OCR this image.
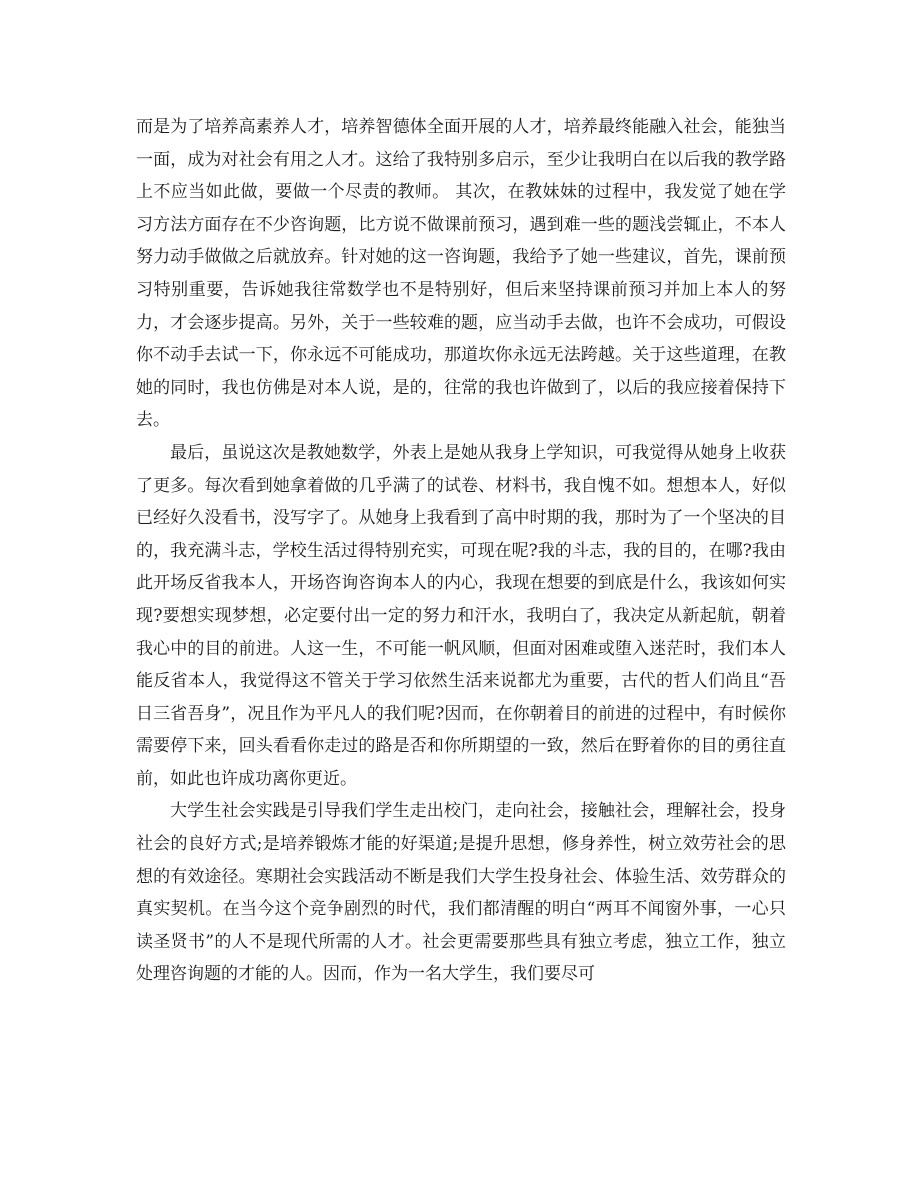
而是为了培养高素养人才，培养智德体全面开展的人才，培养最终能融入社会，能独当一面，成为对社会有用之人才。这给了我特别多启示，至少让我明白在以后我的教学路上不应当如此做，要做一个尽责的教师。 其次，在教妹妹的过程中，我发觉了她在学习方法方面存在不少咨询题，比方说不做课前预习，遇到难一些的题浅尝辄止，不本人努力动手做做之后就放弃。针对她的这一咨询题，我给予了她一些建议，首先，课前预习特别重要，告诉她我往常数学也不是特别好，但后来坚持课前预习并加上本人的努力，才会逐步提高。另外，关于一些较难的题，应当动手去做，也许不会成功，可假设你不动手去试一下，你永远不可能成功，那道坎你永远无法跨越。关于这些道理，在教她的同时，我也仿佛是对本人说，是的，往常的我也许做到了，以后的我应接着保持下去。

最后，虽说这次是教她数学，外表上是她从我身上学知识，可我觉得从她身上收获了更多。每次看到她拿着做的几乎满了的试卷、材料书，我自愧不如。想想本人，好似已经好久没看书，没写字了。从她身上我看到了高中时期的我，那时为了一个坚决的目的，我充满斗志，学校生活过得特别充实，可现在呢?我的斗志，我的目的，在哪?我由此开场反省我本人，开场咨询咨询本人的内心，我现在想要的到底是什么，我该如何实现?要想实现梦想，必定要付出一定的努力和汗水，我明白了，我决定从新起航，朝着我心中的目的前进。人这一生，不可能一帆风顺，但面对困难或堕入迷茫时，我们本人能反省本人，我觉得这不管关于学习依然生活来说都尤为重要，古代的哲人们尚且“吾日三省吾身”，况且作为平凡人的我们呢?因而，在你朝着目的前进的过程中，有时候你需要停下来，回头看看你走过的路是否和你所期望的一致，然后在野着你的目的勇往直前，如此也许成功离你更近。

大学生社会实践是引导我们学生走出校门，走向社会，接触社会，理解社会，投身社会的良好方式;是培养锻炼才能的好渠道;是提升思想，修身养性，树立效劳社会的思想的有效途径。寒期社会实践活动不断是我们大学生投身社会、体验生活、效劳群众的真实契机。在当今这个竞争剧烈的时代，我们都清醒的明白“两耳不闻窗外事，一心只读圣贤书”的人不是现代所需的人才。社会更需要那些具有独立考虑，独立工作，独立处理咨询题的才能的人。因而，作为一名大学生，我们要尽可
